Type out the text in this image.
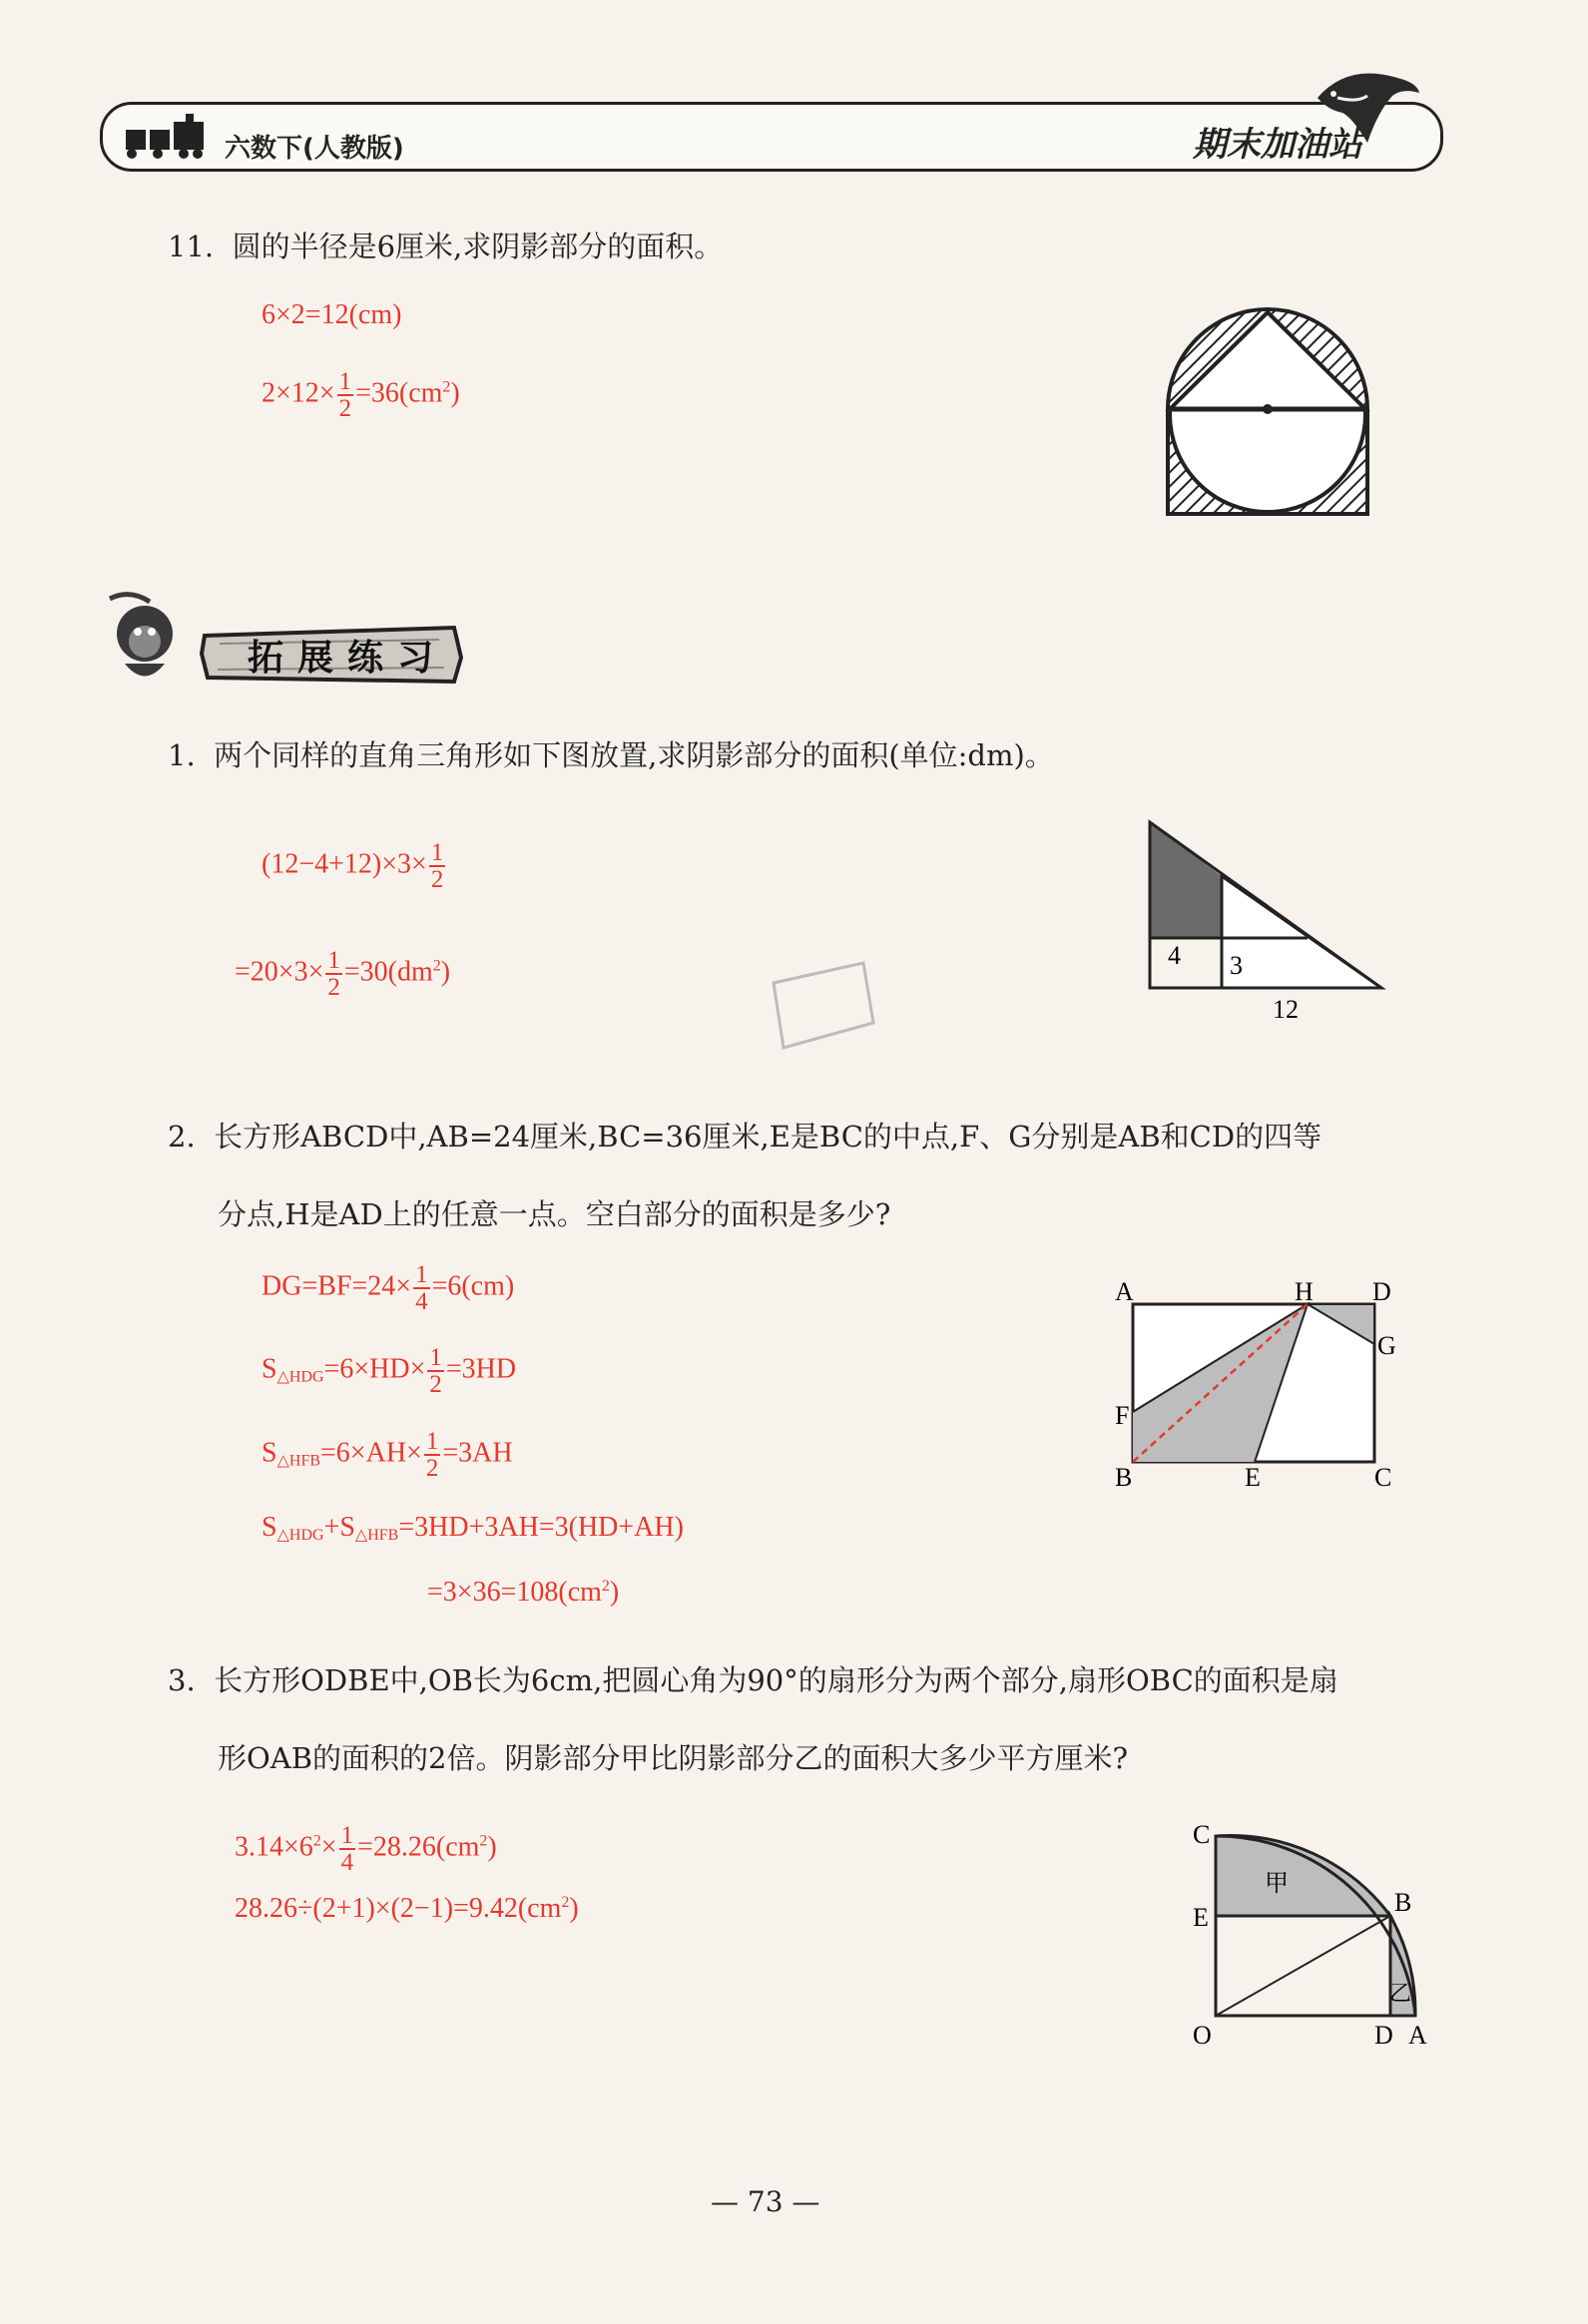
六数下(人教版)	期末加油站
11. 圆的半径是6厘米,求阴影部分的面积。
6×2=12(cm)
$2\times 12\times \frac{1}{2} =36(cm^2)$
拓展练习
1. 两个同样的直角三角形如下图放置,求阴影部分的面积(单位:dm)。
$(12-4+12)\times 3\times \frac{1}{2}$
$=20\times 3\times \frac{1}{2} =30(dm^2)$
4 3
12
2. 长方形ABCD中,AB=24厘米,BC=36厘米,E是BC的中点,F、G分别是AB和CD的四等
分点,H是AD上的任意一点。空白部分的面积是多少?
$DG=BF=24\times \frac{1}{4} =6(cm)$
$S_{\triangle HDG}=6\times HD\times \frac{1}{2} =3HD$
$S_{\triangle HFB}=6\times AH\times \frac{1}{2} =3AH$
$S_{\triangle HDG}+S_{\triangle HFB}=3HD+3AH=3(HD+AH)$
$=3\times 36=108(cm^2)$
A	H D
G
F
B	E	C
3. 长方形ODBE中,OB长为6cm,把圆心角为90°的扇形分为两个部分,扇形OBC的面积是扇
形OAB的面积的2倍。阴影部分甲比阴影部分乙的面积大多少平方厘米?
$3.14\times 6^2\times \frac{1}{4} =28.26(cm^2)$
$28.26\div(2+1)\times(2-1)=9.42(cm^2)$
C
E
O
B
D A
甲
乙
— 73 —
